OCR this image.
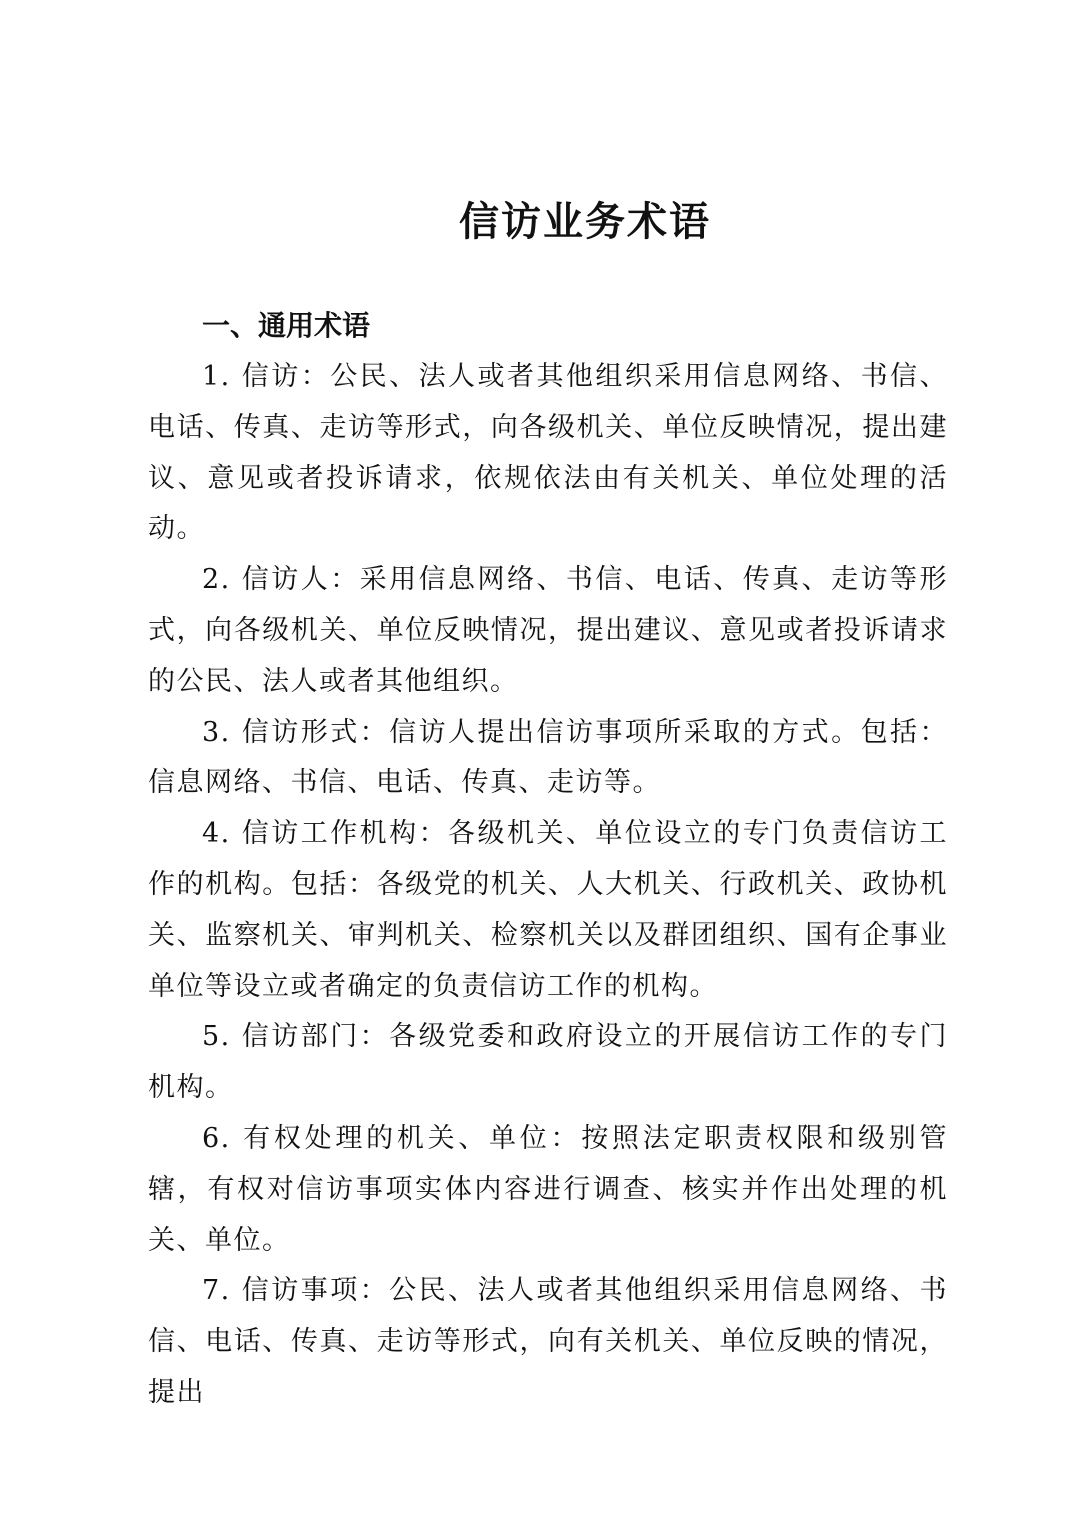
信访业务术语
一、通用术语

1. 信访：公民、法人或者其他组织采用信息网络、书信、电话、传真、走访等形式，向各级机关、单位反映情况，提出建议、意见或者投诉请求，依规依法由有关机关、单位处理的活动。

2. 信访人：采用信息网络、书信、电话、传真、走访等形式，向各级机关、单位反映情况，提出建议、意见或者投诉请求的公民、法人或者其他组织。

3. 信访形式：信访人提出信访事项所采取的方式。包括：信息网络、书信、电话、传真、走访等。

4. 信访工作机构：各级机关、单位设立的专门负责信访工作的机构。包括：各级党的机关、人大机关、行政机关、政协机关、监察机关、审判机关、检察机关以及群团组织、国有企事业单位等设立或者确定的负责信访工作的机构。

5. 信访部门：各级党委和政府设立的开展信访工作的专门机构。

6. 有权处理的机关、单位：按照法定职责权限和级别管辖，有权对信访事项实体内容进行调查、核实并作出处理的机关、单位。

7. 信访事项：公民、法人或者其他组织采用信息网络、书信、电话、传真、走访等形式，向有关机关、单位反映的情况，提出
